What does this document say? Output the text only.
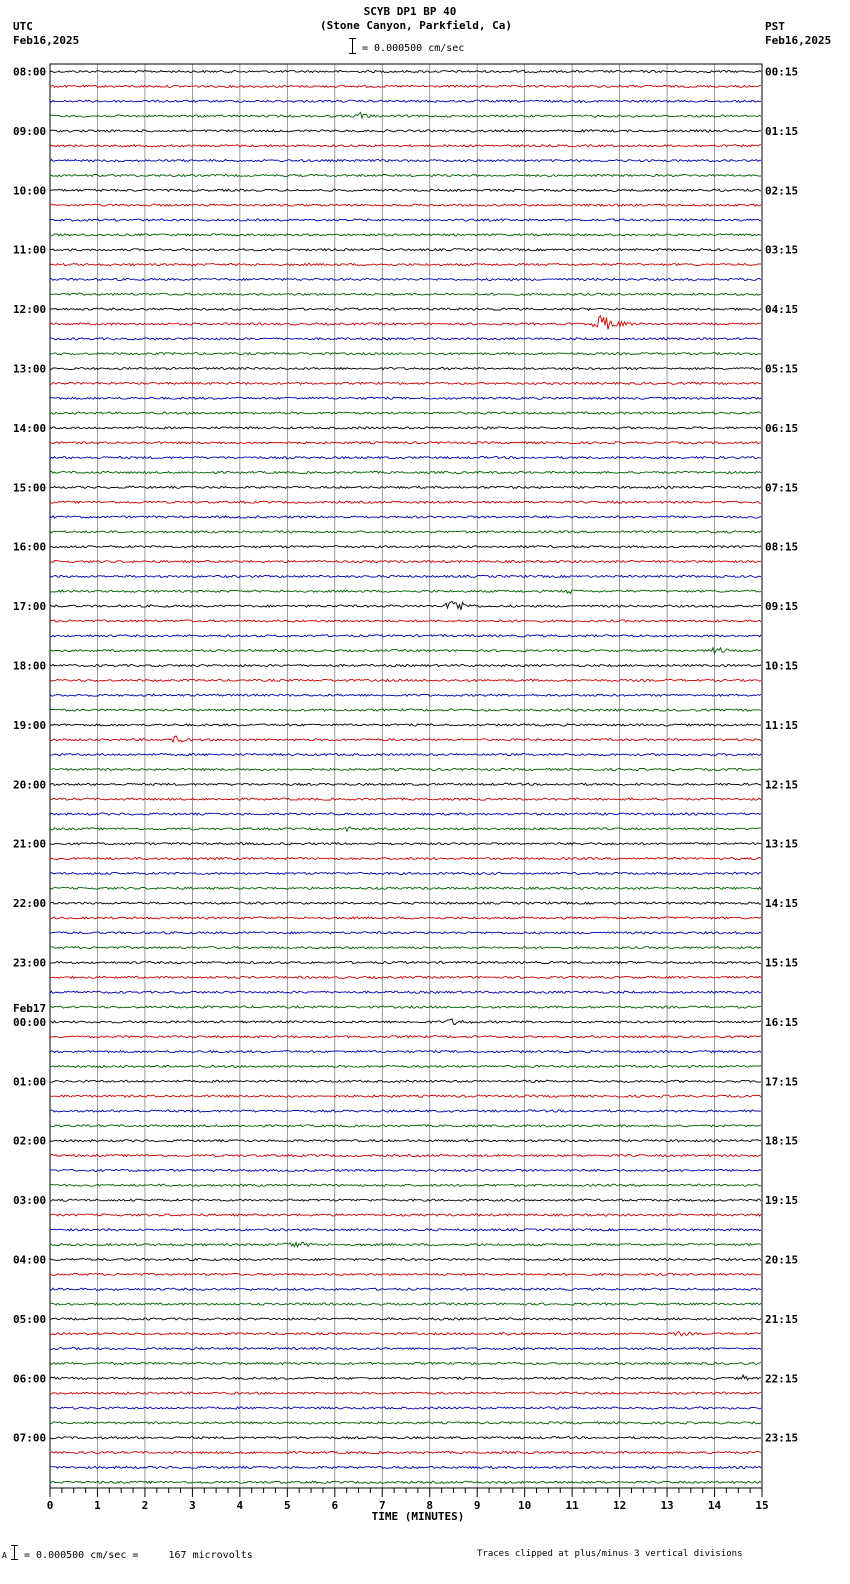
SCYB DP1 BP 40
(Stone Canyon, Parkfield, Ca)
UTC
Feb16,2025
PST
Feb16,2025
= 0.000500 cm/sec
08:00
09:00
10:00
11:00
12:00
13:00
14:00
15:00
16:00
17:00
18:00
19:00
20:00
21:00
22:00
23:00
00:00
01:00
02:00
03:00
04:00
05:00
06:00
07:00
00:15
01:15
02:15
03:15
04:15
05:15
06:15
07:15
08:15
09:15
10:15
11:15
12:15
13:15
14:15
15:15
16:15
17:15
18:15
19:15
20:15
21:15
22:15
23:15
Feb17
0	1	2	3	4	5	6	7	8	9	10	11	12	13	14	15
TIME (MINUTES)
A = 0.000500 cm/sec =     167 microvolts	Traces clipped at plus/minus 3 vertical divisions
